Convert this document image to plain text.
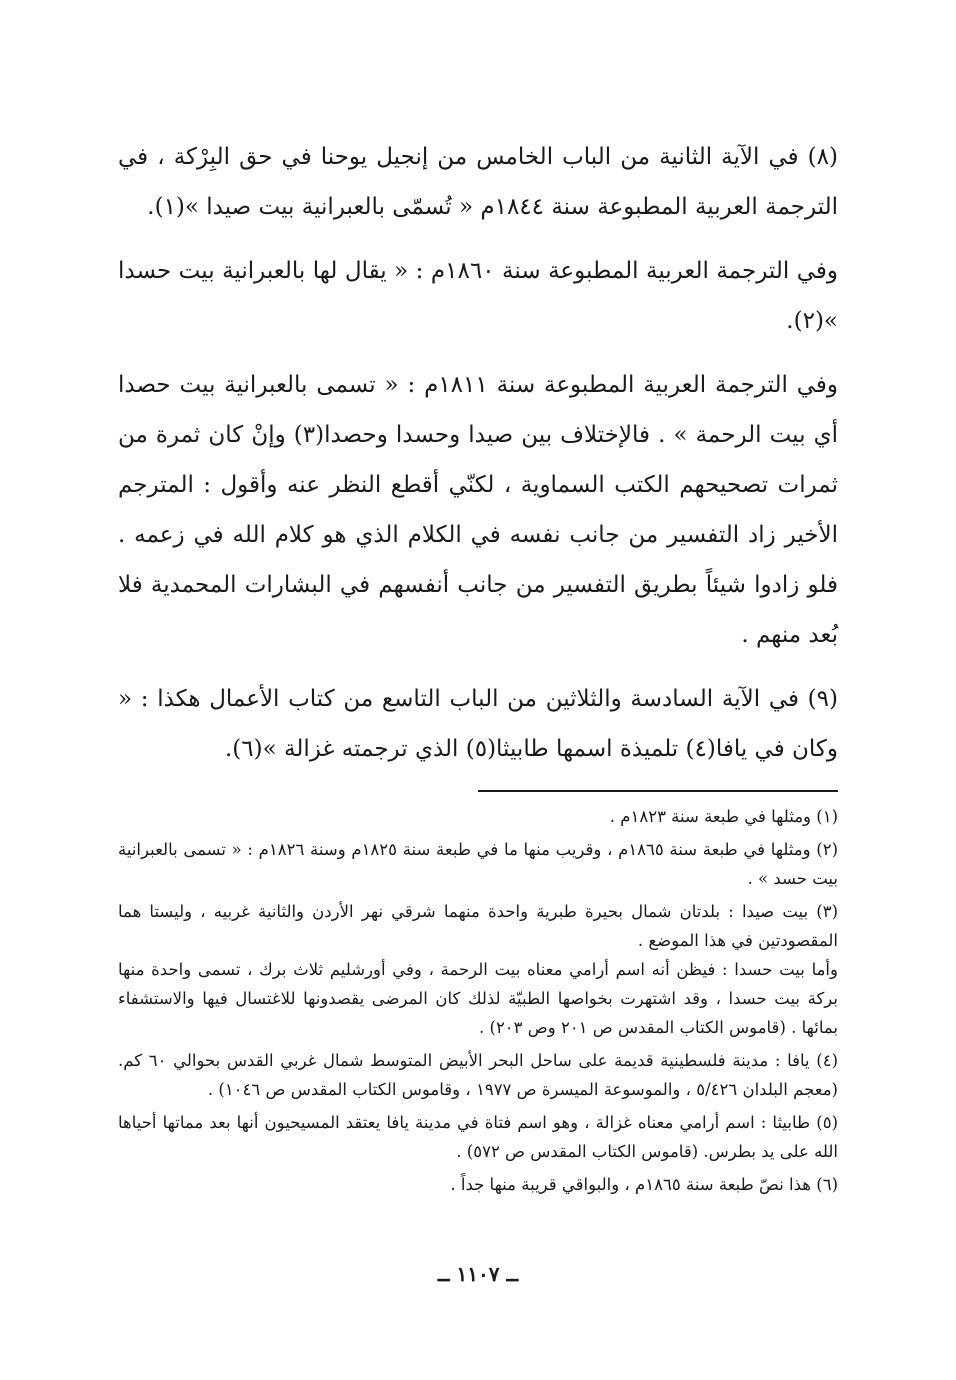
(٨) في الآية الثانية من الباب الخامس من إنجيل يوحنا في حق البِرْكة ، في الترجمة العربية المطبوعة سنة ١٨٤٤م « تُسمّى بالعبرانية بيت صيدا »(١).

وفي الترجمة العربية المطبوعة سنة ١٨٦٠م : « يقال لها بالعبرانية بيت حسدا »(٢).

وفي الترجمة العربية المطبوعة سنة ١٨١١م : « تسمى بالعبرانية بيت حصدا أي بيت الرحمة » . فالإختلاف بين صيدا وحسدا وحصدا(٣) وإنْ كان ثمرة من ثمرات تصحيحهم الكتب السماوية ، لكنّي أقطع النظر عنه وأقول : المترجم الأخير زاد التفسير من جانب نفسه في الكلام الذي هو كلام الله في زعمه . فلو زادوا شيئاً بطريق التفسير من جانب أنفسهم في البشارات المحمدية فلا بُعد منهم .

(٩) في الآية السادسة والثلاثين من الباب التاسع من كتاب الأعمال هكذا : « وكان في يافا(٤) تلميذة اسمها طابيثا(٥) الذي ترجمته غزالة »(٦).

(١) ومثلها في طبعة سنة ١٨٢٣م .

(٢) ومثلها في طبعة سنة ١٨٦٥م ، وقريب منها ما في طبعة سنة ١٨٢٥م وسنة ١٨٢٦م : « تسمى بالعبرانية بيت حسد » .

(٣) بيت صيدا : بلدتان شمال بحيرة طبرية واحدة منهما شرقي نهر الأردن والثانية غربيه ، وليستا هما المقصودتين في هذا الموضع .

وأما بيت حسدا : فيظن أنه اسم أرامي معناه بيت الرحمة ، وفي أورشليم ثلاث برك ، تسمى واحدة منها بركة بيت حسدا ، وقد اشتهرت بخواصها الطبيّة لذلك كان المرضى يقصدونها للاغتسال فيها والاستشفاء بمائها . (قاموس الكتاب المقدس ص ٢٠١ وص ٢٠٣) .

(٤) يافا : مدينة فلسطينية قديمة على ساحل البحر الأبيض المتوسط شمال غربي القدس بحوالي ٦٠ كم. (معجم البلدان ٥/٤٢٦ ، والموسوعة الميسرة ص ١٩٧٧ ، وقاموس الكتاب المقدس ص ١٠٤٦) .

(٥) طابيثا : اسم أرامي معناه غزالة ، وهو اسم فتاة في مدينة يافا يعتقد المسيحيون أنها بعد مماتها أحياها الله على يد بطرس. (قاموس الكتاب المقدس ص ٥٧٢) .

(٦) هذا نصّ طبعة سنة ١٨٦٥م ، والبواقي قريبة منها جداً .

ــ ١١٠٧ ــ
